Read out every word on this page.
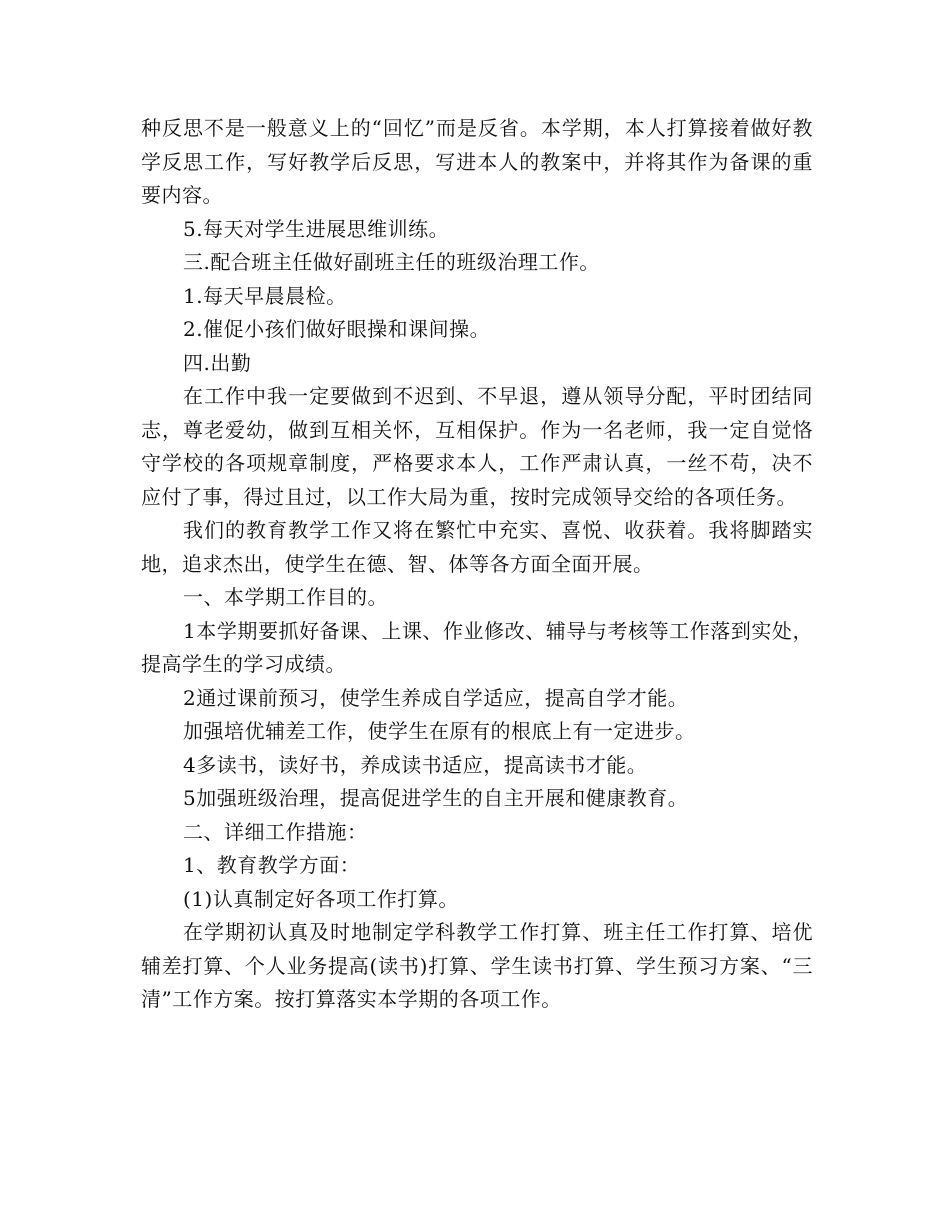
种反思不是一般意义上的“回忆”而是反省。本学期，本人打算接着做好教学反思工作，写好教学后反思，写进本人的教案中，并将其作为备课的重要内容。

5.每天对学生进展思维训练。

三.配合班主任做好副班主任的班级治理工作。

1.每天早晨晨检。

2.催促小孩们做好眼操和课间操。

四.出勤

在工作中我一定要做到不迟到、不早退，遵从领导分配，平时团结同志，尊老爱幼，做到互相关怀，互相保护。作为一名老师，我一定自觉恪守学校的各项规章制度，严格要求本人，工作严肃认真，一丝不苟，决不应付了事，得过且过，以工作大局为重，按时完成领导交给的各项任务。

我们的教育教学工作又将在繁忙中充实、喜悦、收获着。我将脚踏实地，追求杰出，使学生在德、智、体等各方面全面开展。

一、本学期工作目的。

1本学期要抓好备课、上课、作业修改、辅导与考核等工作落到实处，提高学生的学习成绩。

2通过课前预习，使学生养成自学适应，提高自学才能。

加强培优辅差工作，使学生在原有的根底上有一定进步。

4多读书，读好书，养成读书适应，提高读书才能。

5加强班级治理，提高促进学生的自主开展和健康教育。

二、详细工作措施：

1、教育教学方面：

(1)认真制定好各项工作打算。

在学期初认真及时地制定学科教学工作打算、班主任工作打算、培优辅差打算、个人业务提高(读书)打算、学生读书打算、学生预习方案、“三清”工作方案。按打算落实本学期的各项工作。
